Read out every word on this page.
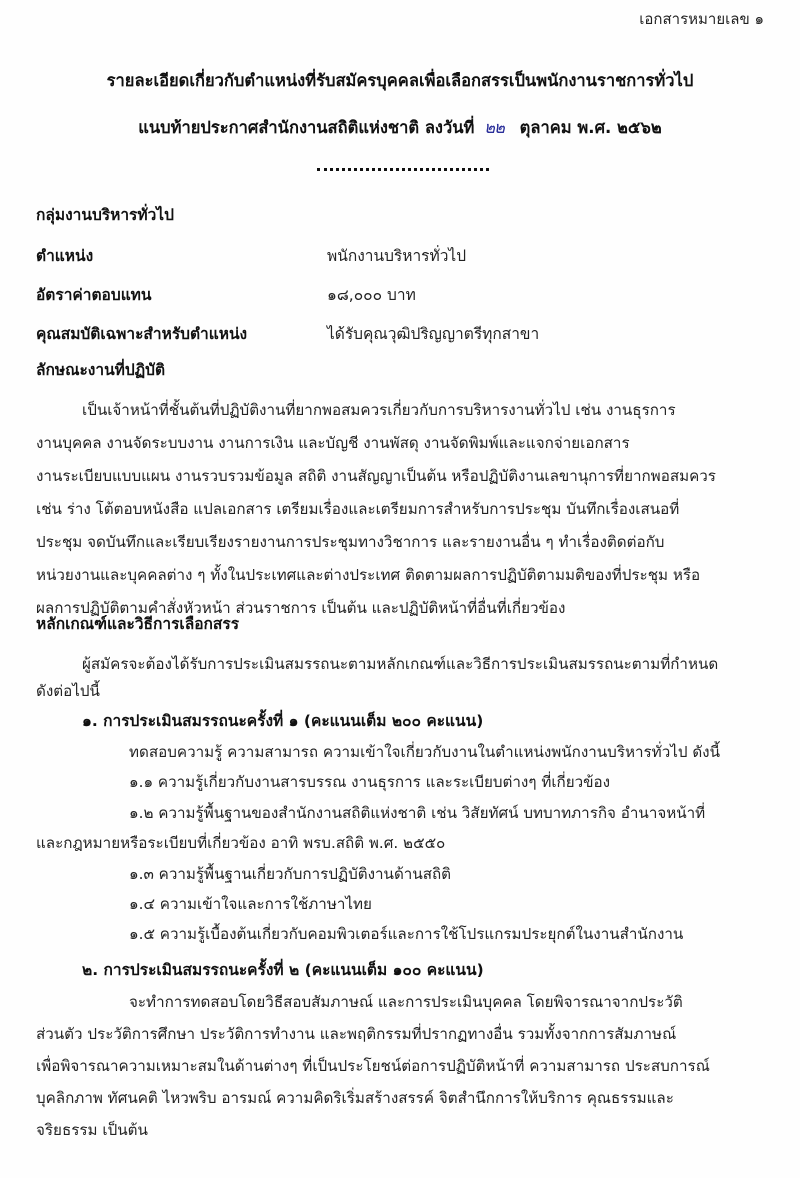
เอกสารหมายเลข ๑
รายละเอียดเกี่ยวกับตำแหน่งที่รับสมัครบุคคลเพื่อเลือกสรรเป็นพนักงานราชการทั่วไป
แนบท้ายประกาศสำนักงานสถิติแห่งชาติ ลงวันที่ ๒๒ ตุลาคม พ.ศ. ๒๕๖๒
กลุ่มงานบริหารทั่วไป
ตำแหน่ง	พนักงานบริหารทั่วไป
อัตราค่าตอบแทน	๑๘,๐๐๐ บาท
คุณสมบัติเฉพาะสำหรับตำแหน่ง	ได้รับคุณวุฒิปริญญาตรีทุกสาขา
ลักษณะงานที่ปฏิบัติ
เป็นเจ้าหน้าที่ชั้นต้นที่ปฏิบัติงานที่ยากพอสมควรเกี่ยวกับการบริหารงานทั่วไป เช่น งานธุรการ
งานบุคคล งานจัดระบบงาน งานการเงิน และบัญชี งานพัสดุ งานจัดพิมพ์และแจกจ่ายเอกสาร
งานระเบียบแบบแผน งานรวบรวมข้อมูล สถิติ งานสัญญาเป็นต้น หรือปฏิบัติงานเลขานุการที่ยากพอสมควร
เช่น ร่าง โต้ตอบหนังสือ แปลเอกสาร เตรียมเรื่องและเตรียมการสำหรับการประชุม บันทึกเรื่องเสนอที่
ประชุม จดบันทึกและเรียบเรียงรายงานการประชุมทางวิชาการ และรายงานอื่น ๆ ทำเรื่องติดต่อกับ
หน่วยงานและบุคคลต่าง ๆ ทั้งในประเทศและต่างประเทศ ติดตามผลการปฏิบัติตามมติของที่ประชุม หรือ
ผลการปฏิบัติตามคำสั่งหัวหน้า ส่วนราชการ เป็นต้น และปฏิบัติหน้าที่อื่นที่เกี่ยวข้อง
หลักเกณฑ์และวิธีการเลือกสรร
ผู้สมัครจะต้องได้รับการประเมินสมรรถนะตามหลักเกณฑ์และวิธีการประเมินสมรรถนะตามที่กำหนด
ดังต่อไปนี้
๑. การประเมินสมรรถนะครั้งที่ ๑ (คะแนนเต็ม ๒๐๐ คะแนน)
ทดสอบความรู้ ความสามารถ ความเข้าใจเกี่ยวกับงานในตำแหน่งพนักงานบริหารทั่วไป ดังนี้
๑.๑ ความรู้เกี่ยวกับงานสารบรรณ งานธุรการ และระเบียบต่างๆ ที่เกี่ยวข้อง
๑.๒ ความรู้พื้นฐานของสำนักงานสถิติแห่งชาติ เช่น วิสัยทัศน์ บทบาทภารกิจ อำนาจหน้าที่
และกฎหมายหรือระเบียบที่เกี่ยวข้อง อาทิ พรบ.สถิติ พ.ศ. ๒๕๕๐
๑.๓ ความรู้พื้นฐานเกี่ยวกับการปฏิบัติงานด้านสถิติ
๑.๔ ความเข้าใจและการใช้ภาษาไทย
๑.๕ ความรู้เบื้องต้นเกี่ยวกับคอมพิวเตอร์และการใช้โปรแกรมประยุกต์ในงานสำนักงาน
๒. การประเมินสมรรถนะครั้งที่ ๒ (คะแนนเต็ม ๑๐๐ คะแนน)
จะทำการทดสอบโดยวิธีสอบสัมภาษณ์ และการประเมินบุคคล โดยพิจารณาจากประวัติ
ส่วนตัว ประวัติการศึกษา ประวัติการทำงาน และพฤติกรรมที่ปรากฏทางอื่น รวมทั้งจากการสัมภาษณ์
เพื่อพิจารณาความเหมาะสมในด้านต่างๆ ที่เป็นประโยชน์ต่อการปฏิบัติหน้าที่ ความสามารถ ประสบการณ์
บุคลิกภาพ ทัศนคติ ไหวพริบ อารมณ์ ความคิดริเริ่มสร้างสรรค์ จิตสำนึกการให้บริการ คุณธรรมและ
จริยธรรม เป็นต้น
